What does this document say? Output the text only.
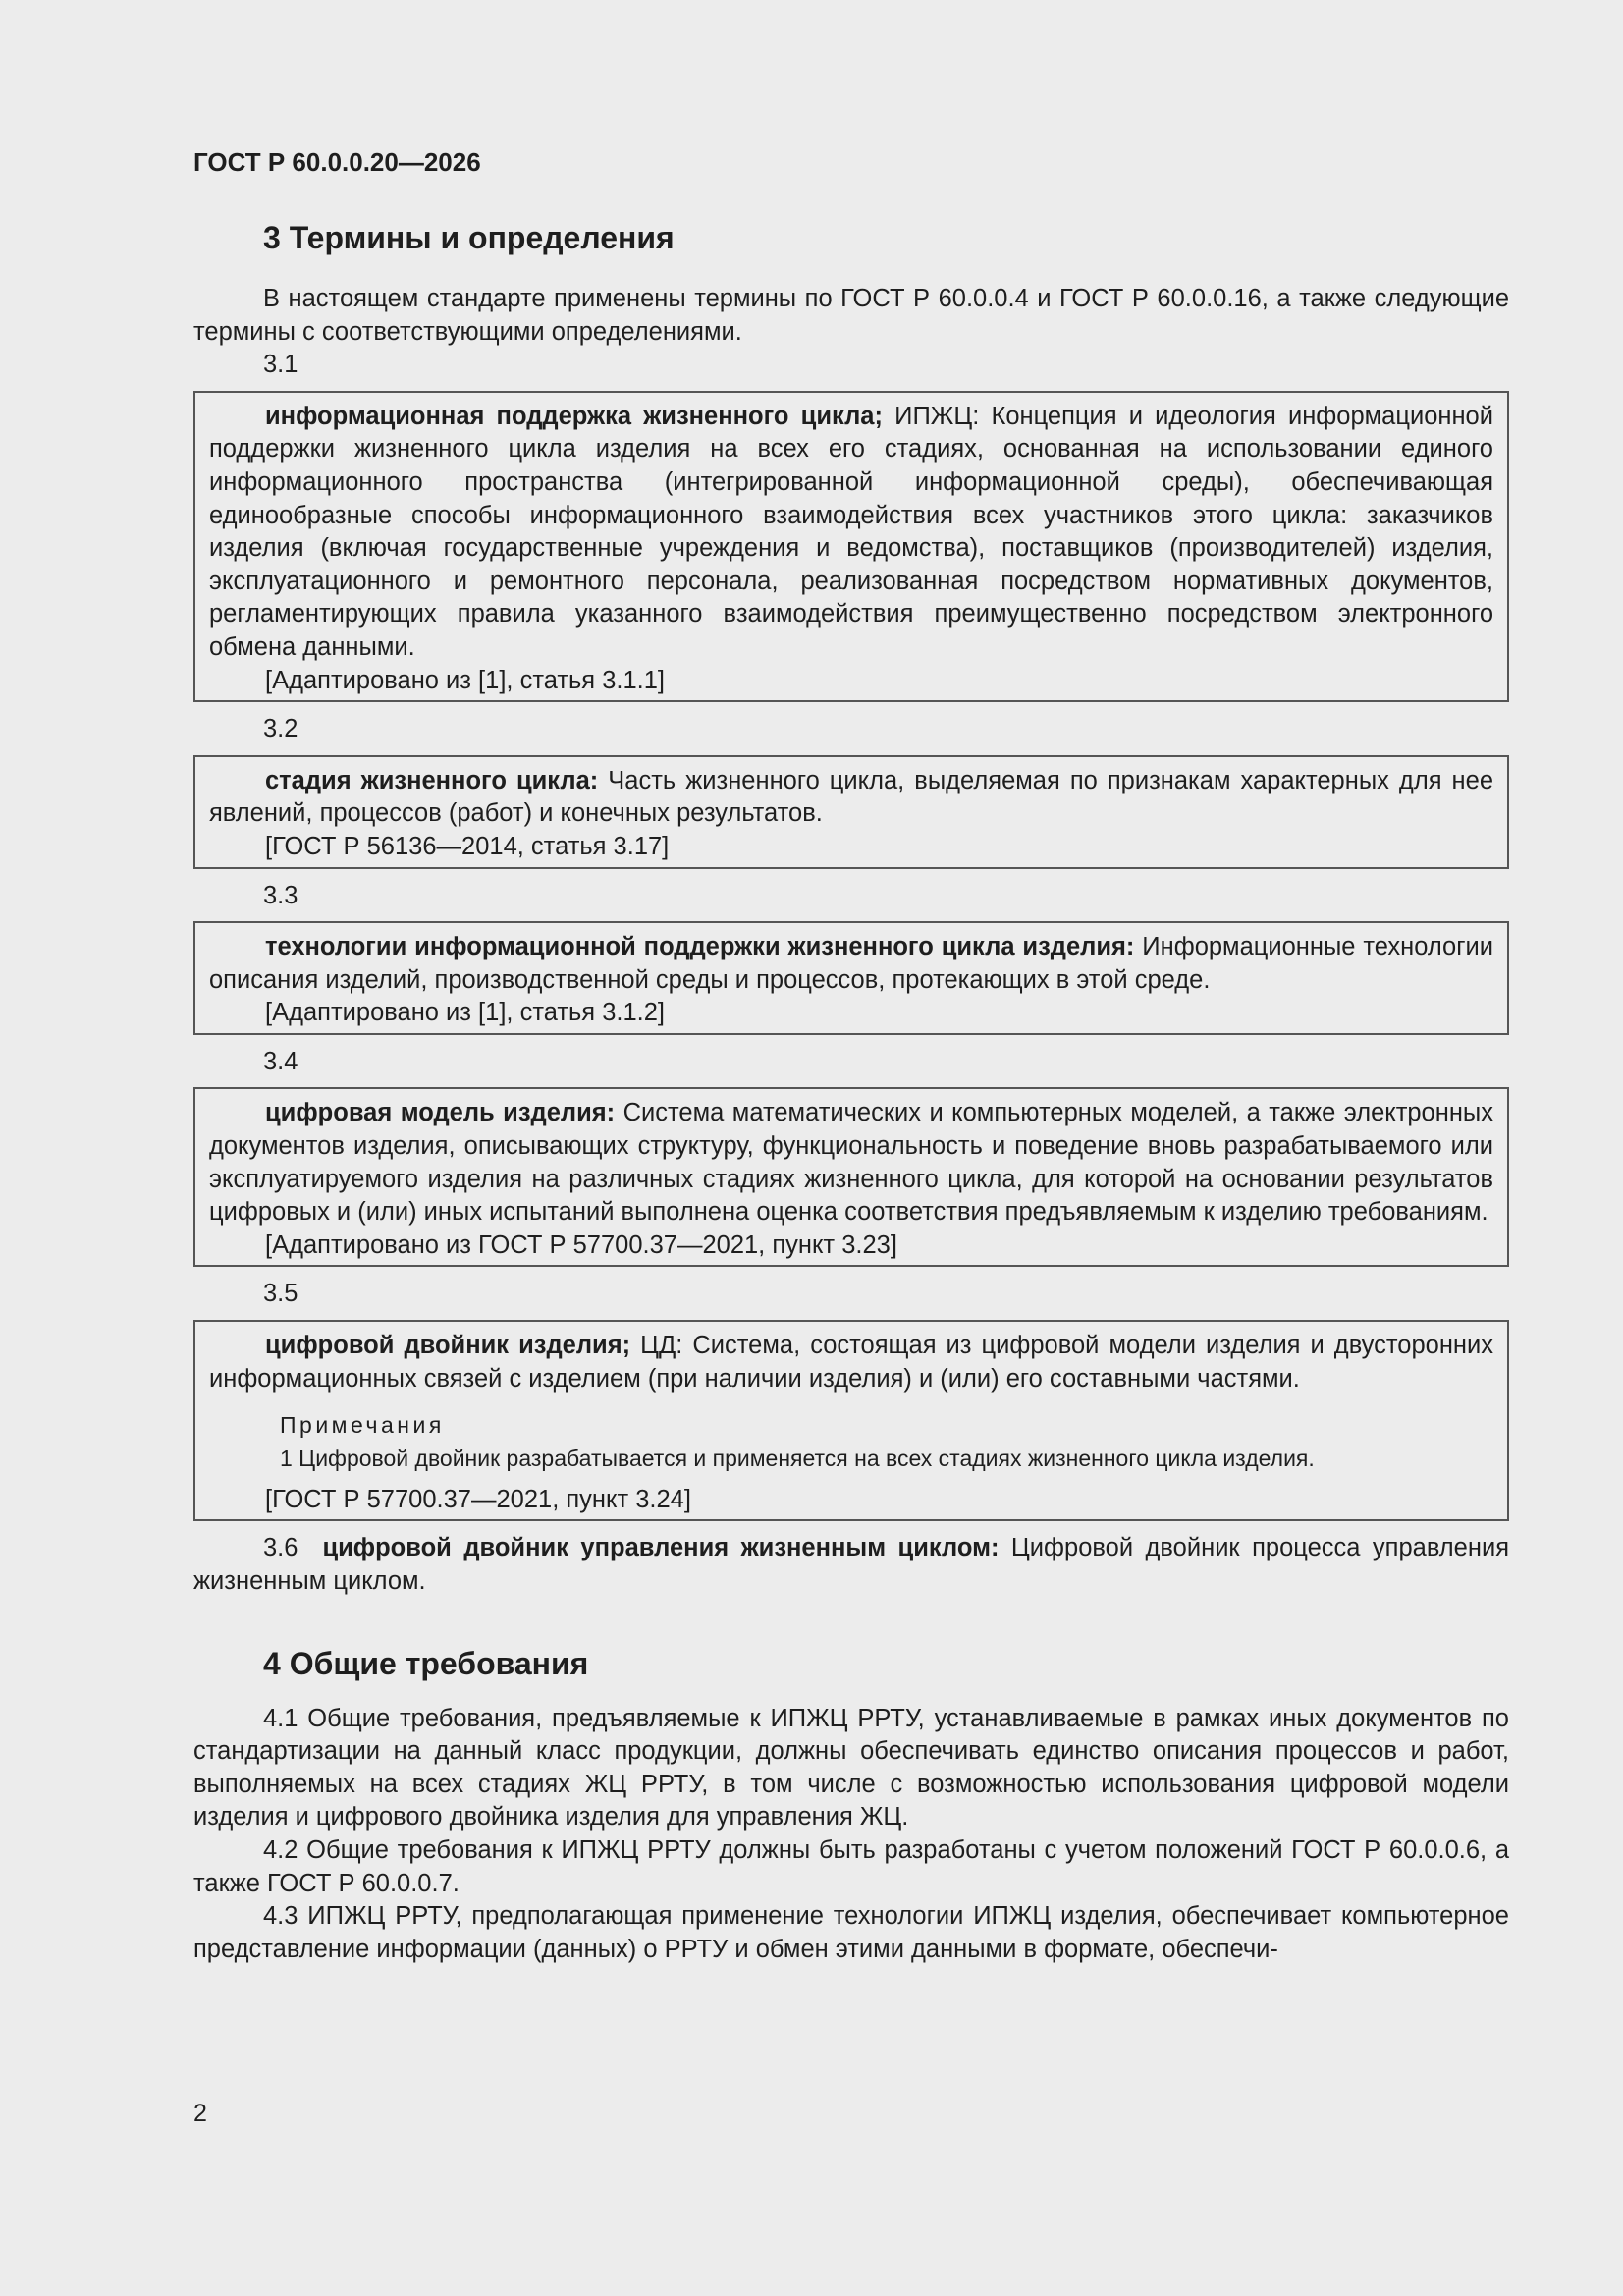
ГОСТ Р 60.0.0.20—2026

3 Термины и определения

В настоящем стандарте применены термины по ГОСТ Р 60.0.0.4 и ГОСТ Р 60.0.0.16, а также следующие термины с соответствующими определениями.

3.1

информационная поддержка жизненного цикла; ИПЖЦ: Концепция и идеология информационной поддержки жизненного цикла изделия на всех его стадиях, основанная на использовании единого информационного пространства (интегрированной информационной среды), обеспечивающая единообразные способы информационного взаимодействия всех участников этого цикла: заказчиков изделия (включая государственные учреждения и ведомства), поставщиков (производителей) изделия, эксплуатационного и ремонтного персонала, реализованная посредством нормативных документов, регламентирующих правила указанного взаимодействия преимущественно посредством электронного обмена данными.

[Адаптировано из [1], статья 3.1.1]

3.2

стадия жизненного цикла: Часть жизненного цикла, выделяемая по признакам характерных для нее явлений, процессов (работ) и конечных результатов.

[ГОСТ Р 56136—2014, статья 3.17]

3.3

технологии информационной поддержки жизненного цикла изделия: Информационные технологии описания изделий, производственной среды и процессов, протекающих в этой среде.

[Адаптировано из [1], статья 3.1.2]

3.4

цифровая модель изделия: Система математических и компьютерных моделей, а также электронных документов изделия, описывающих структуру, функциональность и поведение вновь разрабатываемого или эксплуатируемого изделия на различных стадиях жизненного цикла, для которой на основании результатов цифровых и (или) иных испытаний выполнена оценка соответствия предъявляемым к изделию требованиям.

[Адаптировано из ГОСТ Р 57700.37—2021, пункт 3.23]

3.5

цифровой двойник изделия; ЦД: Система, состоящая из цифровой модели изделия и двусторонних информационных связей с изделием (при наличии изделия) и (или) его составными частями.

Примечания

1 Цифровой двойник разрабатывается и применяется на всех стадиях жизненного цикла изделия.

[ГОСТ Р 57700.37—2021, пункт 3.24]

3.6 цифровой двойник управления жизненным циклом: Цифровой двойник процесса управления жизненным циклом.

4 Общие требования

4.1 Общие требования, предъявляемые к ИПЖЦ РРТУ, устанавливаемые в рамках иных документов по стандартизации на данный класс продукции, должны обеспечивать единство описания процессов и работ, выполняемых на всех стадиях ЖЦ РРТУ, в том числе с возможностью использования цифровой модели изделия и цифрового двойника изделия для управления ЖЦ.

4.2 Общие требования к ИПЖЦ РРТУ должны быть разработаны с учетом положений ГОСТ Р 60.0.0.6, а также ГОСТ Р 60.0.0.7.

4.3 ИПЖЦ РРТУ, предполагающая применение технологии ИПЖЦ изделия, обеспечивает компьютерное представление информации (данных) о РРТУ и обмен этими данными в формате, обеспечи-

2
